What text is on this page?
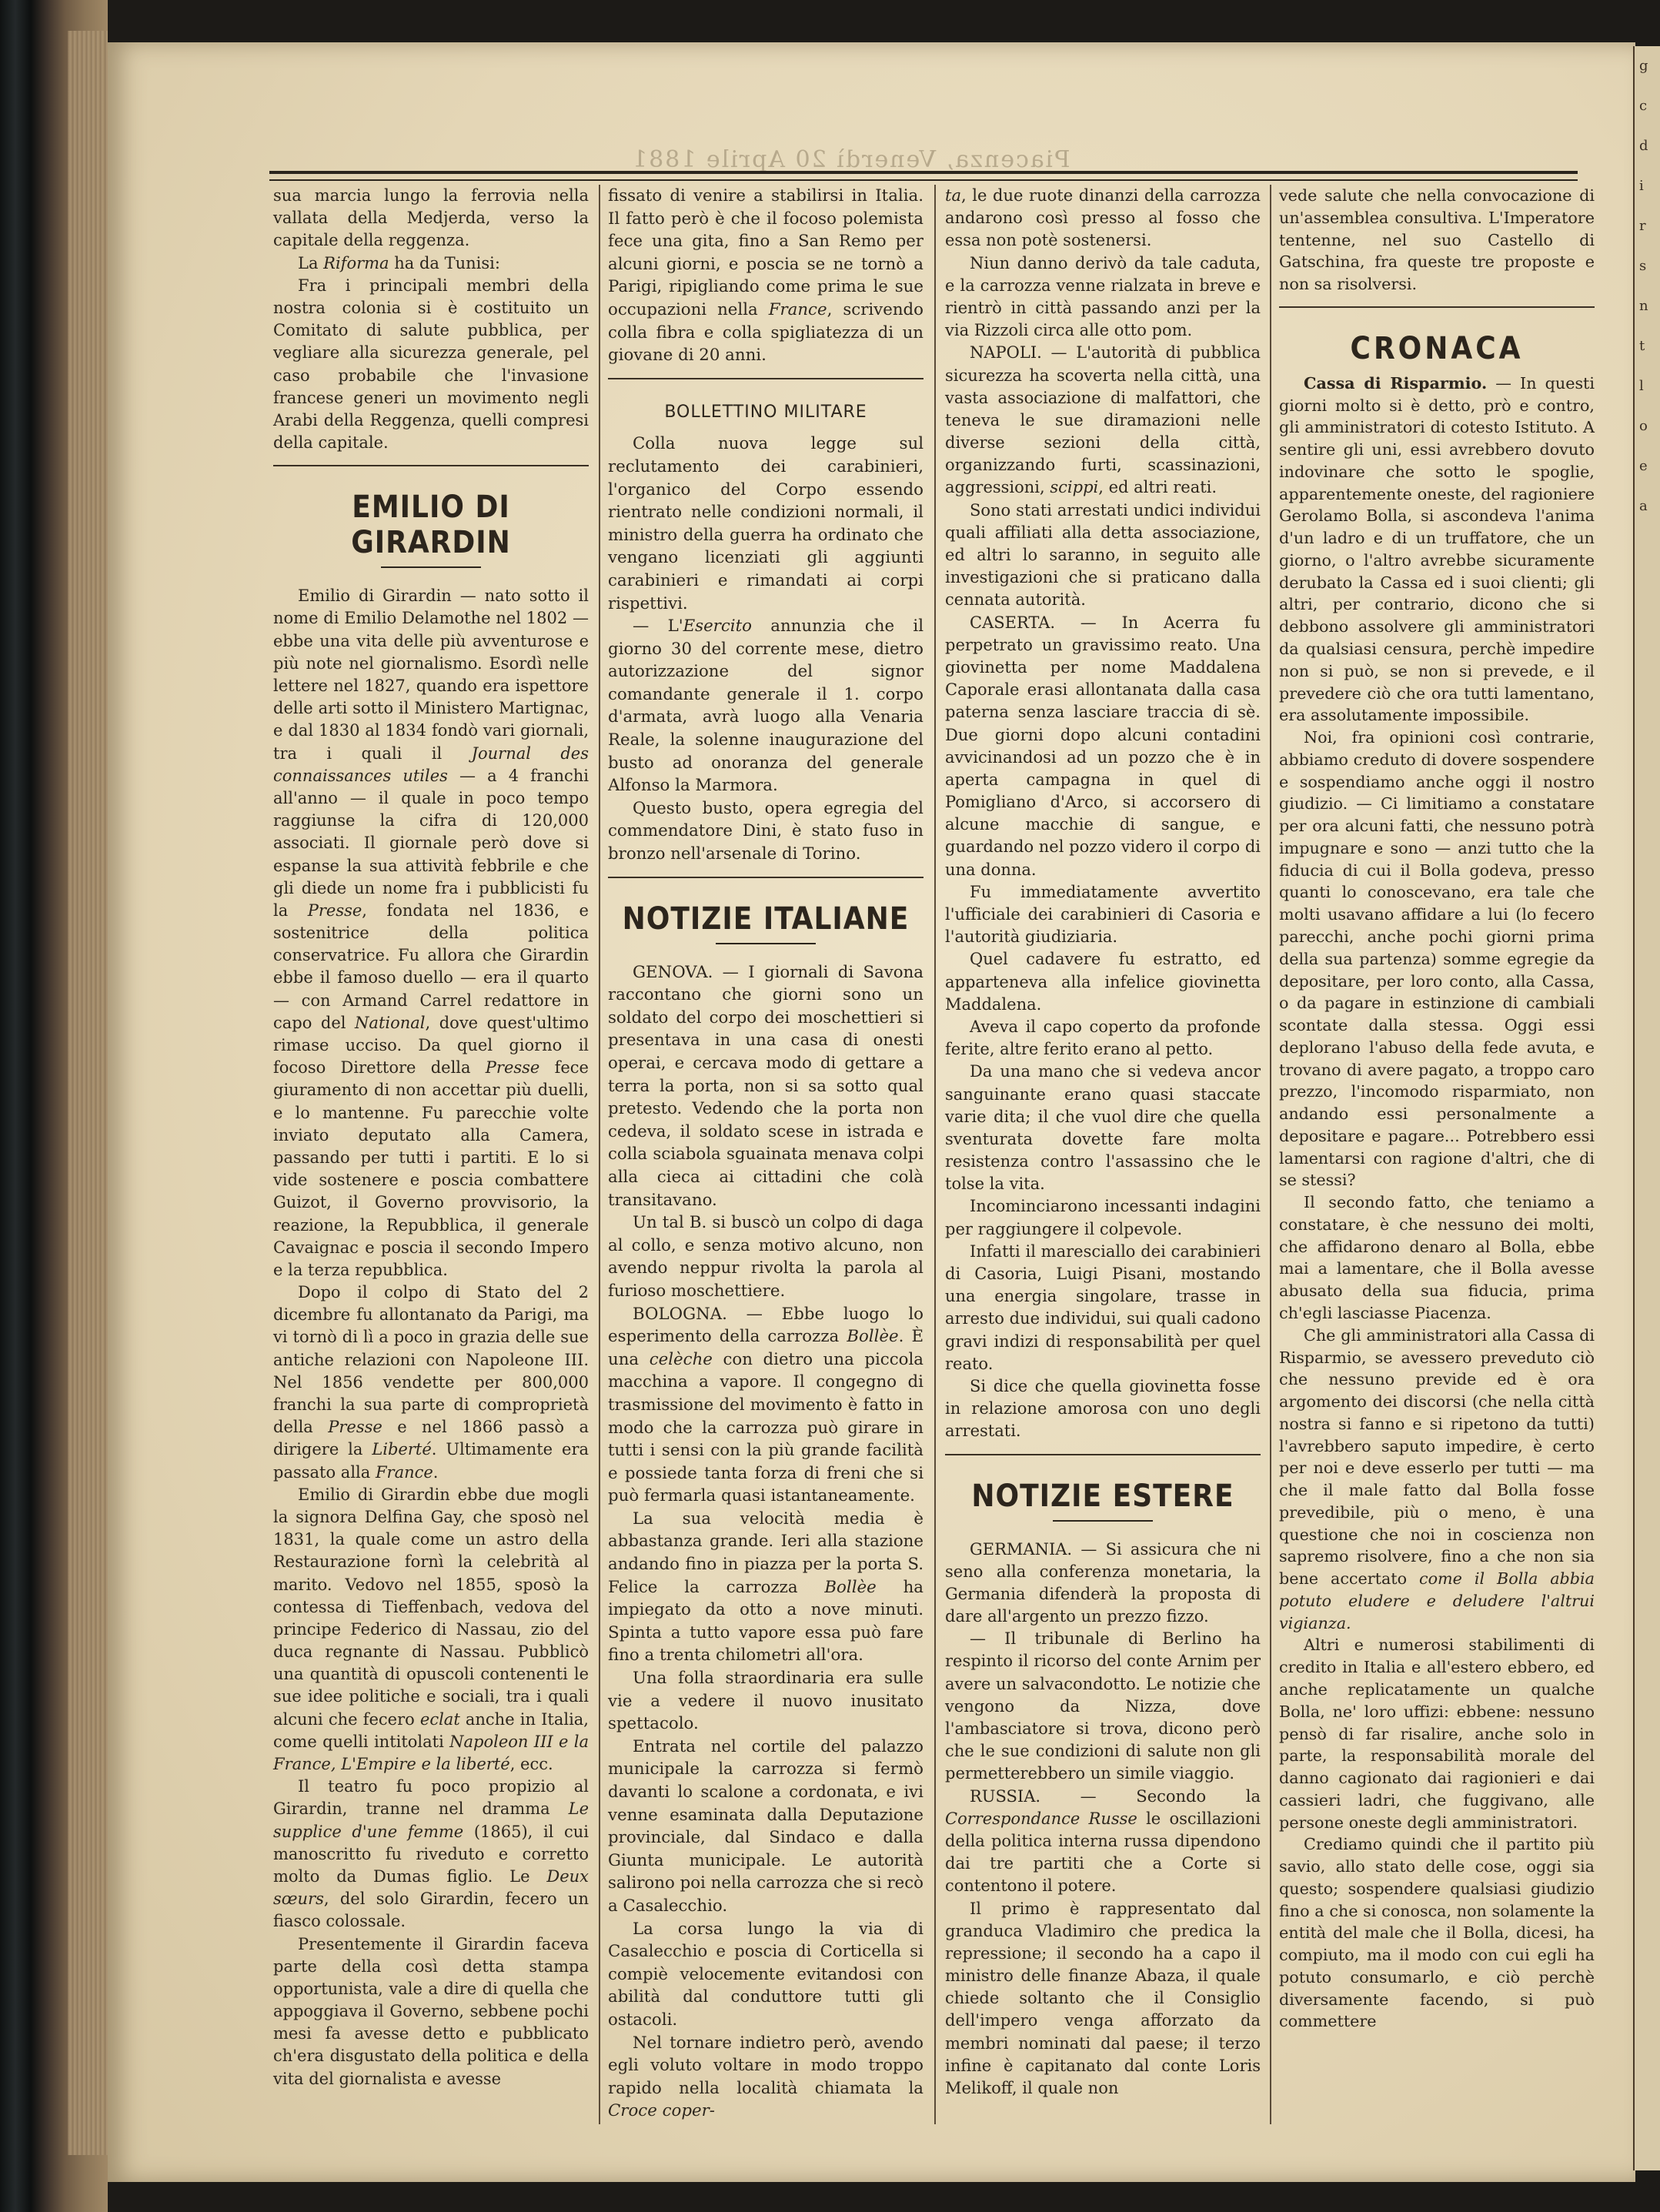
g
c
d
i
r
s
n
t
l
o
e
a
Piacenza, Venerdì 20 Aprile 1881

sua marcia lungo la ferrovia nella vallata della Medjerda, verso la capitale della reggenza.

La Riforma ha da Tunisi:

Fra i principali membri della nostra colonia si è costituito un Comitato di salute pubblica, per vegliare alla sicurezza generale, pel caso probabile che l'invasione francese generi un movimento negli Arabi della Reggenza, quelli compresi della capitale.

EMILIO DI GIRARDIN

Emilio di Girardin — nato sotto il nome di Emilio Delamothe nel 1802 — ebbe una vita delle più avventurose e più note nel giornalismo. Esordì nelle lettere nel 1827, quando era ispettore delle arti sotto il Ministero Martignac, e dal 1830 al 1834 fondò vari giornali, tra i quali il Journal des connaissances utiles — a 4 franchi all'anno — il quale in poco tempo raggiunse la cifra di 120,000 associati. Il giornale però dove si espanse la sua attività febbrile e che gli diede un nome fra i pubblicisti fu la Presse, fondata nel 1836, e sostenitrice della politica conservatrice. Fu allora che Girardin ebbe il famoso duello — era il quarto — con Armand Carrel redattore in capo del National, dove quest'ultimo rimase ucciso. Da quel giorno il focoso Direttore della Presse fece giuramento di non accettar più duelli, e lo mantenne. Fu parecchie volte inviato deputato alla Camera, passando per tutti i partiti. E lo si vide sostenere e poscia combattere Guizot, il Governo provvisorio, la reazione, la Repubblica, il generale Cavaignac e poscia il secondo Impero e la terza repubblica.

Dopo il colpo di Stato del 2 dicembre fu allontanato da Parigi, ma vi tornò di lì a poco in grazia delle sue antiche relazioni con Napoleone III. Nel 1856 vendette per 800,000 franchi la sua parte di comproprietà della Presse e nel 1866 passò a dirigere la Liberté. Ultimamente era passato alla France.

Emilio di Girardin ebbe due mogli la signora Delfina Gay, che sposò nel 1831, la quale come un astro della Restaurazione fornì la celebrità al marito. Vedovo nel 1855, sposò la contessa di Tieffenbach, vedova del principe Federico di Nassau, zio del duca regnante di Nassau. Pubblicò una quantità di opuscoli contenenti le sue idee politiche e sociali, tra i quali alcuni che fecero eclat anche in Italia, come quelli intitolati Napoleon III e la France, L'Empire e la liberté, ecc.

Il teatro fu poco propizio al Girardin, tranne nel dramma Le supplice d'une femme (1865), il cui manoscritto fu riveduto e corretto molto da Dumas figlio. Le Deux sœurs, del solo Girardin, fecero un fiasco colossale.

Presentemente il Girardin faceva parte della così detta stampa opportunista, vale a dire di quella che appoggiava il Governo, sebbene pochi mesi fa avesse detto e pubblicato ch'era disgustato della politica e della vita del giornalista e avesse

fissato di venire a stabilirsi in Italia. Il fatto però è che il focoso polemista fece una gita, fino a San Remo per alcuni giorni, e poscia se ne tornò a Parigi, ripigliando come prima le sue occupazioni nella France, scrivendo colla fibra e colla spigliatezza di un giovane di 20 anni.

BOLLETTINO MILITARE

Colla nuova legge sul reclutamento dei carabinieri, l'organico del Corpo essendo rientrato nelle condizioni normali, il ministro della guerra ha ordinato che vengano licenziati gli aggiunti carabinieri e rimandati ai corpi rispettivi.

— L'Esercito annunzia che il giorno 30 del corrente mese, dietro autorizzazione del signor comandante generale il 1. corpo d'armata, avrà luogo alla Venaria Reale, la solenne inaugurazione del busto ad onoranza del generale Alfonso la Marmora.

Questo busto, opera egregia del commendatore Dini, è stato fuso in bronzo nell'arsenale di Torino.

NOTIZIE ITALIANE

GENOVA. — I giornali di Savona raccontano che giorni sono un soldato del corpo dei moschettieri si presentava in una casa di onesti operai, e cercava modo di gettare a terra la porta, non si sa sotto qual pretesto. Vedendo che la porta non cedeva, il soldato scese in istrada e colla sciabola sguainata menava colpi alla cieca ai cittadini che colà transitavano.

Un tal B. si buscò un colpo di daga al collo, e senza motivo alcuno, non avendo neppur rivolta la parola al furioso moschettiere.

BOLOGNA. — Ebbe luogo lo esperimento della carrozza Bollèe. È una celèche con dietro una piccola macchina a vapore. Il congegno di trasmissione del movimento è fatto in modo che la carrozza può girare in tutti i sensi con la più grande facilità e possiede tanta forza di freni che si può fermarla quasi istantaneamente.

La sua velocità media è abbastanza grande. Ieri alla stazione andando fino in piazza per la porta S. Felice la carrozza Bollèe ha impiegato da otto a nove minuti. Spinta a tutto vapore essa può fare fino a trenta chilometri all'ora.

Una folla straordinaria era sulle vie a vedere il nuovo inusitato spettacolo.

Entrata nel cortile del palazzo municipale la carrozza si fermò davanti lo scalone a cordonata, e ivi venne esaminata dalla Deputazione provinciale, dal Sindaco e dalla Giunta municipale. Le autorità salirono poi nella carrozza che si recò a Casalecchio.

La corsa lungo la via di Casalecchio e poscia di Corticella si compiè velocemente evitandosi con abilità dal conduttore tutti gli ostacoli.

Nel tornare indietro però, avendo egli voluto voltare in modo troppo rapido nella località chiamata la Croce coper-

ta, le due ruote dinanzi della carrozza andarono così presso al fosso che essa non potè sostenersi.

Niun danno derivò da tale caduta, e la carrozza venne rialzata in breve e rientrò in città passando anzi per la via Rizzoli circa alle otto pom.

NAPOLI. — L'autorità di pubblica sicurezza ha scoverta nella città, una vasta associazione di malfattori, che teneva le sue diramazioni nelle diverse sezioni della città, organizzando furti, scassinazioni, aggressioni, scippi, ed altri reati.

Sono stati arrestati undici individui quali affiliati alla detta associazione, ed altri lo saranno, in seguito alle investigazioni che si praticano dalla cennata autorità.

CASERTA. — In Acerra fu perpetrato un gravissimo reato. Una giovinetta per nome Maddalena Caporale erasi allontanata dalla casa paterna senza lasciare traccia di sè. Due giorni dopo alcuni contadini avvicinandosi ad un pozzo che è in aperta campagna in quel di Pomigliano d'Arco, si accorsero di alcune macchie di sangue, e guardando nel pozzo videro il corpo di una donna.

Fu immediatamente avvertito l'ufficiale dei carabinieri di Casoria e l'autorità giudiziaria.

Quel cadavere fu estratto, ed apparteneva alla infelice giovinetta Maddalena.

Aveva il capo coperto da profonde ferite, altre ferito erano al petto.

Da una mano che si vedeva ancor sanguinante erano quasi staccate varie dita; il che vuol dire che quella sventurata dovette fare molta resistenza contro l'assassino che le tolse la vita.

Incominciarono incessanti indagini per raggiungere il colpevole.

Infatti il maresciallo dei carabinieri di Casoria, Luigi Pisani, mostando una energia singolare, trasse in arresto due individui, sui quali cadono gravi indizi di responsabilità per quel reato.

Si dice che quella giovinetta fosse in relazione amorosa con uno degli arrestati.

NOTIZIE ESTERE

GERMANIA. — Si assicura che ni seno alla conferenza monetaria, la Germania difenderà la proposta di dare all'argento un prezzo fizzo.

— Il tribunale di Berlino ha respinto il ricorso del conte Arnim per avere un salvacondotto. Le notizie che vengono da Nizza, dove l'ambasciatore si trova, dicono però che le sue condizioni di salute non gli permetterebbero un simile viaggio.

RUSSIA. — Secondo la Correspondance Russe le oscillazioni della politica interna russa dipendono dai tre partiti che a Corte si contentono il potere.

Il primo è rappresentato dal granduca Vladimiro che predica la repressione; il secondo ha a capo il ministro delle finanze Abaza, il quale chiede soltanto che il Consiglio dell'impero venga afforzato da membri nominati dal paese; il terzo infine è capitanato dal conte Loris Melikoff, il quale non

vede salute che nella convocazione di un'assemblea consultiva. L'Imperatore tentenne, nel suo Castello di Gatschina, fra queste tre proposte e non sa risolversi.

CRONACA

Cassa di Risparmio. — In questi giorni molto si è detto, prò e contro, gli amministratori di cotesto Istituto. A sentire gli uni, essi avrebbero dovuto indovinare che sotto le spoglie, apparentemente oneste, del ragioniere Gerolamo Bolla, si ascondeva l'anima d'un ladro e di un truffatore, che un giorno, o l'altro avrebbe sicuramente derubato la Cassa ed i suoi clienti; gli altri, per contrario, dicono che si debbono assolvere gli amministratori da qualsiasi censura, perchè impedire non si può, se non si prevede, e il prevedere ciò che ora tutti lamentano, era assolutamente impossibile.

Noi, fra opinioni così contrarie, abbiamo creduto di dovere sospendere e sospendiamo anche oggi il nostro giudizio. — Ci limitiamo a constatare per ora alcuni fatti, che nessuno potrà impugnare e sono — anzi tutto che la fiducia di cui il Bolla godeva, presso quanti lo conoscevano, era tale che molti usavano affidare a lui (lo fecero parecchi, anche pochi giorni prima della sua partenza) somme egregie da depositare, per loro conto, alla Cassa, o da pagare in estinzione di cambiali scontate dalla stessa. Oggi essi deplorano l'abuso della fede avuta, e trovano di avere pagato, a troppo caro prezzo, l'incomodo risparmiato, non andando essi personalmente a depositare e pagare... Potrebbero essi lamentarsi con ragione d'altri, che di se stessi?

Il secondo fatto, che teniamo a constatare, è che nessuno dei molti, che affidarono denaro al Bolla, ebbe mai a lamentare, che il Bolla avesse abusato della sua fiducia, prima ch'egli lasciasse Piacenza.

Che gli amministratori alla Cassa di Risparmio, se avessero preveduto ciò che nessuno previde ed è ora argomento dei discorsi (che nella città nostra si fanno e si ripetono da tutti) l'avrebbero saputo impedire, è certo per noi e deve esserlo per tutti — ma che il male fatto dal Bolla fosse prevedibile, più o meno, è una questione che noi in coscienza non sapremo risolvere, fino a che non sia bene accertato come il Bolla abbia potuto eludere e deludere l'altrui vigianza.

Altri e numerosi stabilimenti di credito in Italia e all'estero ebbero, ed anche replicatamente un qualche Bolla, ne' loro uffizi: ebbene: nessuno pensò di far risalire, anche solo in parte, la responsabilità morale del danno cagionato dai ragionieri e dai cassieri ladri, che fuggivano, alle persone oneste degli amministratori.

Crediamo quindi che il partito più savio, allo stato delle cose, oggi sia questo; sospendere qualsiasi giudizio fino a che si conosca, non solamente la entità del male che il Bolla, dicesi, ha compiuto, ma il modo con cui egli ha potuto consumarlo, e ciò perchè diversamente facendo, si può commettere
